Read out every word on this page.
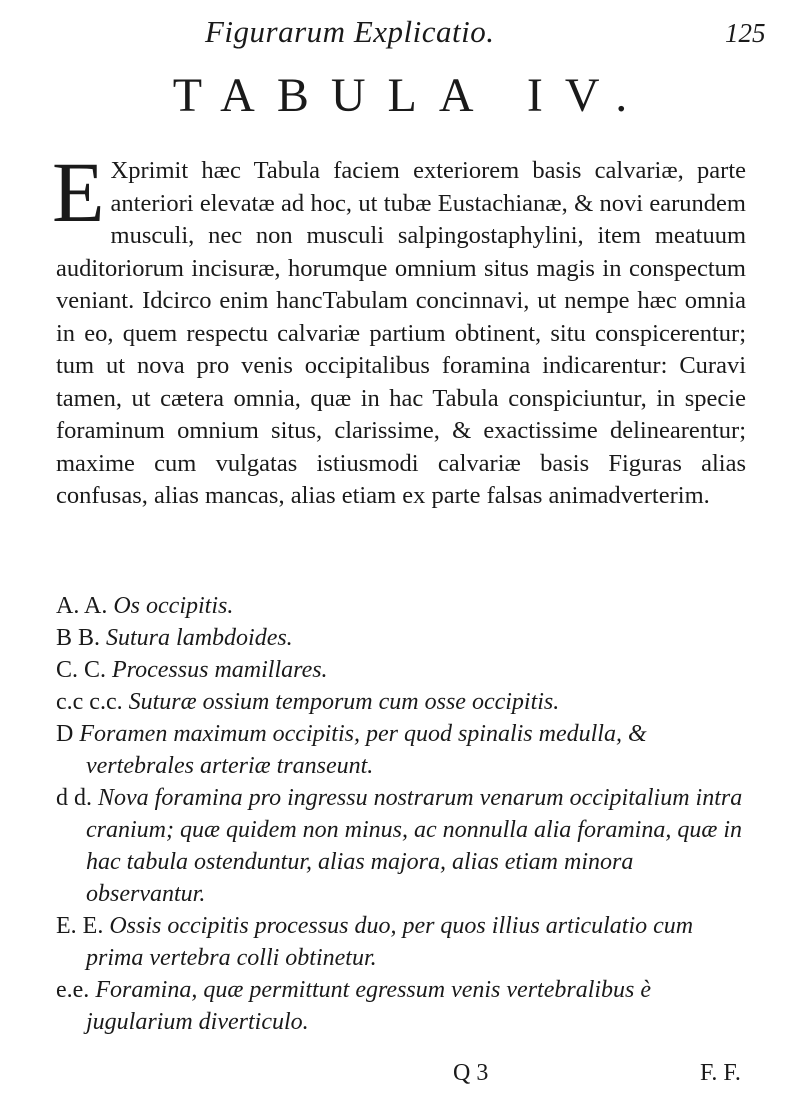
Figurarum Explicatio.	125
TABULA IV.
E Xprimit hæc Tabula faciem exteriorem basis calvariæ, parte anteriori elevatæ ad hoc, ut tubæ Eustachianæ, & novi earundem musculi, nec non musculi salpingostaphylini, item meatuum auditoriorum incisuræ, horumque omnium situs magis in conspectum veniant. Idcirco enim hancTabulam concinnavi, ut nempe hæc omnia in eo, quem respectu calvariæ partium obtinent, situ conspicerentur; tum ut nova pro venis occipitalibus foramina indicarentur: Curavi tamen, ut cætera omnia, quæ in hac Tabula conspiciuntur, in specie foraminum omnium situs, clarissime, & exactissime delinearentur; maxime cum vulgatas istiusmodi calvariæ basis Figuras alias confusas, alias mancas, alias etiam ex parte falsas animadverterim.

A. A. Os occipitis.

B B. Sutura lambdoides.

C. C. Processus mamillares.

c.c c.c. Suturæ ossium temporum cum osse occipitis.

D Foramen maximum occipitis, per quod spinalis medulla, & vertebrales arteriæ transeunt.

d d. Nova foramina pro ingressu nostrarum venarum occipitalium intra cranium; quæ quidem non minus, ac nonnulla alia foramina, quæ in hac tabula ostenduntur, alias majora, alias etiam minora observantur.

E. E. Ossis occipitis processus duo, per quos illius articulatio cum prima vertebra colli obtinetur.

e.e. Foramina, quæ permittunt egressum venis vertebralibus è jugularium diverticulo.

Q 3	F. F.
